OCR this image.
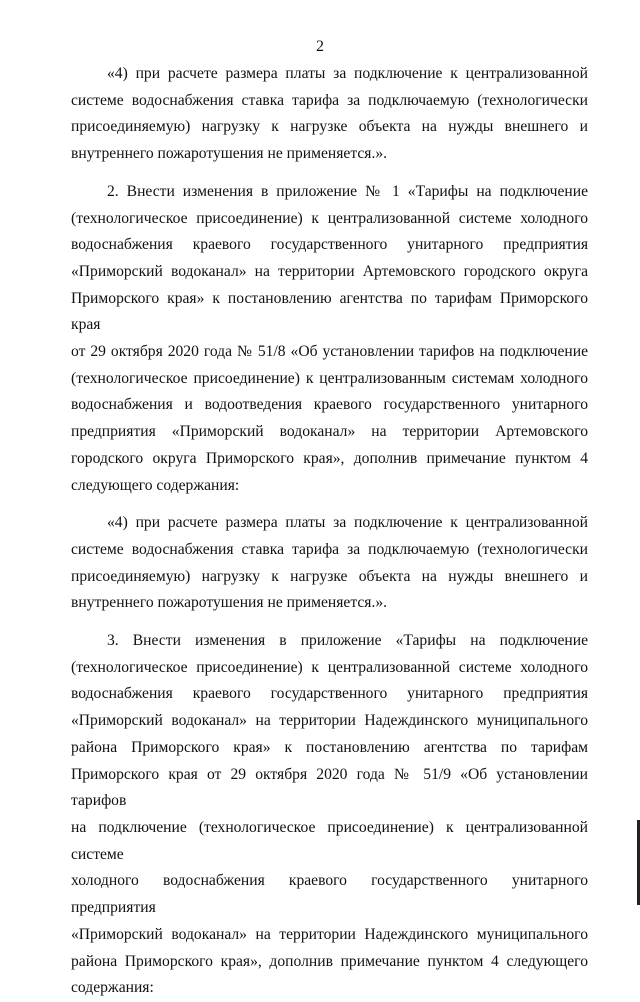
2

«4) при расчете размера платы за подключение к централизованной

системе водоснабжения ставка тарифа за подключаемую (технологически

присоединяемую) нагрузку к нагрузке объекта на нужды внешнего и

внутреннего пожаротушения не применяется.».

2. Внести изменения в приложение № 1 «Тарифы на подключение

(технологическое присоединение) к централизованной системе холодного

водоснабжения краевого государственного унитарного предприятия

«Приморский водоканал» на территории Артемовского городского округа

Приморского края» к постановлению агентства по тарифам Приморского края

от 29 октября 2020 года № 51/8 «Об установлении тарифов на подключение

(технологическое присоединение) к централизованным системам холодного

водоснабжения и водоотведения краевого государственного унитарного

предприятия «Приморский водоканал» на территории Артемовского

городского округа Приморского края», дополнив примечание пунктом 4

следующего содержания:

«4) при расчете размера платы за подключение к централизованной

системе водоснабжения ставка тарифа за подключаемую (технологически

присоединяемую) нагрузку к нагрузке объекта на нужды внешнего и

внутреннего пожаротушения не применяется.».

3. Внести изменения в приложение «Тарифы на подключение

(технологическое присоединение) к централизованной системе холодного

водоснабжения краевого государственного унитарного предприятия

«Приморский водоканал» на территории Надеждинского муниципального

района Приморского края» к постановлению агентства по тарифам

Приморского края от 29 октября 2020 года № 51/9 «Об установлении тарифов

на подключение (технологическое присоединение) к централизованной системе

холодного водоснабжения краевого государственного унитарного предприятия

«Приморский водоканал» на территории Надеждинского муниципального

района Приморского края», дополнив примечание пунктом 4 следующего

содержания:
